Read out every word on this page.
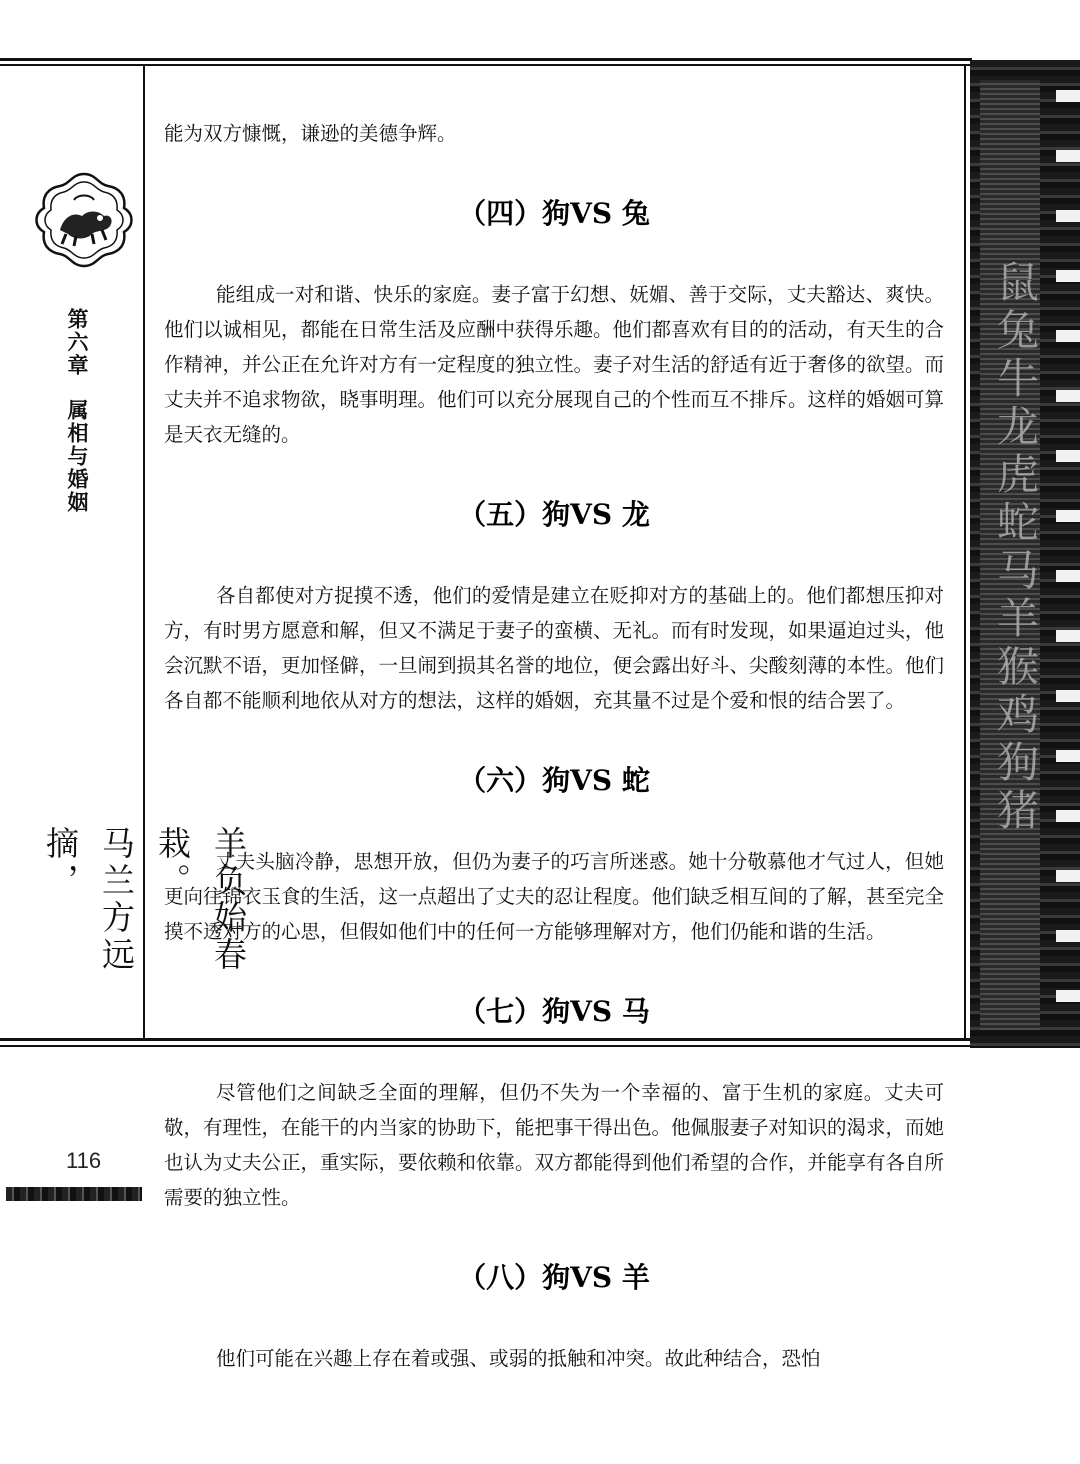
第六章属相与婚姻
羊负始春栽。
马兰方远摘，
116

能为双方慷慨，谦逊的美德争辉。

（四）狗VS 兔

能组成一对和谐、快乐的家庭。妻子富于幻想、妩媚、善于交际，丈夫豁达、爽快。他们以诚相见，都能在日常生活及应酬中获得乐趣。他们都喜欢有目的的活动，有天生的合作精神，并公正在允许对方有一定程度的独立性。妻子对生活的舒适有近于奢侈的欲望。而丈夫并不追求物欲，晓事明理。他们可以充分展现自己的个性而互不排斥。这样的婚姻可算是天衣无缝的。

（五）狗VS 龙

各自都使对方捉摸不透，他们的爱情是建立在贬抑对方的基础上的。他们都想压抑对方，有时男方愿意和解，但又不满足于妻子的蛮横、无礼。而有时发现，如果逼迫过头，他会沉默不语，更加怪僻，一旦闹到损其名誉的地位，便会露出好斗、尖酸刻薄的本性。他们各自都不能顺利地依从对方的想法，这样的婚姻，充其量不过是个爱和恨的结合罢了。

（六）狗VS 蛇

丈夫头脑冷静，思想开放，但仍为妻子的巧言所迷惑。她十分敬慕他才气过人，但她更向往锦衣玉食的生活，这一点超出了丈夫的忍让程度。他们缺乏相互间的了解，甚至完全摸不透对方的心思，但假如他们中的任何一方能够理解对方，他们仍能和谐的生活。

（七）狗VS 马

尽管他们之间缺乏全面的理解，但仍不失为一个幸福的、富于生机的家庭。丈夫可敬，有理性，在能干的内当家的协助下，能把事干得出色。他佩服妻子对知识的渴求，而她也认为丈夫公正，重实际，要依赖和依靠。双方都能得到他们希望的合作，并能享有各自所需要的独立性。

（八）狗VS 羊

他们可能在兴趣上存在着或强、或弱的抵触和冲突。故此种结合，恐怕

鼠兔牛龙虎蛇马羊猴鸡狗猪
